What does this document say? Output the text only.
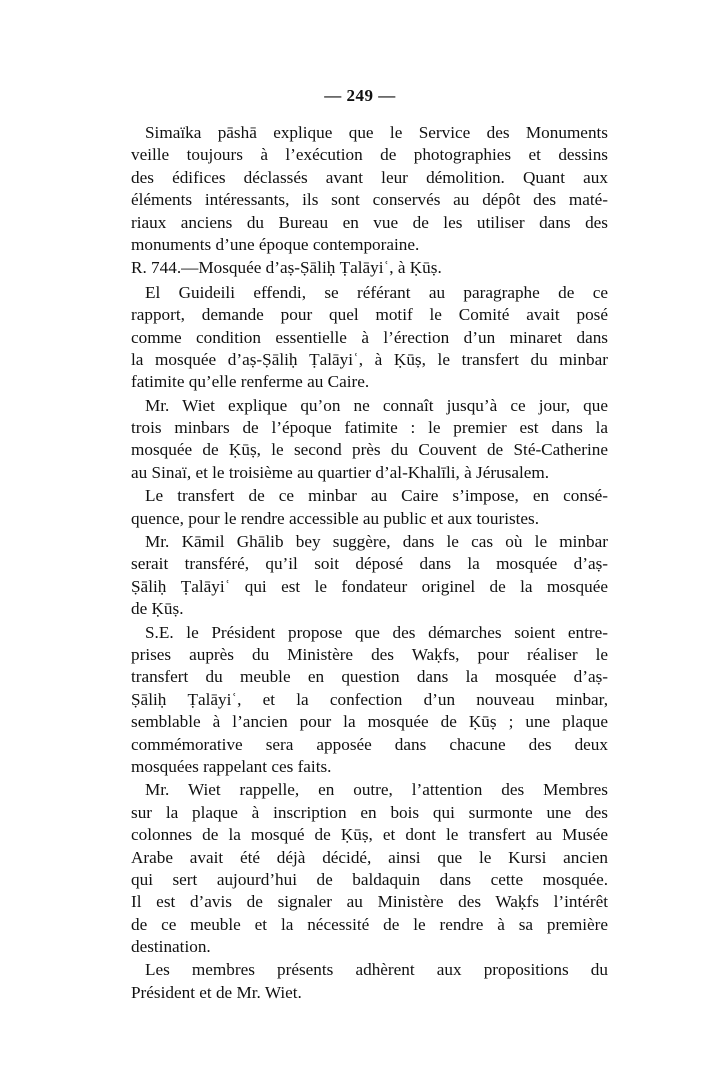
— 249 —
Simaïka pāshā explique que le Service des Monuments
veille toujours à l’exécution de photographies et dessins
des édifices déclassés avant leur démolition. Quant aux
éléments intéressants, ils sont conservés au dépôt des maté-
riaux anciens du Bureau en vue de les utiliser dans des
monuments d’une époque contemporaine.
R. 744.—Mosquée d’aṣ-Ṣāliḥ Ṭalāyiʿ, à Ḳūṣ.
El Guideili effendi, se référant au paragraphe de ce
rapport, demande pour quel motif le Comité avait posé
comme condition essentielle à l’érection d’un minaret dans
la mosquée d’aṣ-Ṣāliḥ Ṭalāyiʿ, à Ḳūṣ, le transfert du minbar
fatimite qu’elle renferme au Caire.
Mr. Wiet explique qu’on ne connaît jusqu’à ce jour, que
trois minbars de l’époque fatimite : le premier est dans la
mosquée de Ḳūṣ, le second près du Couvent de Sté-Catherine
au Sinaï, et le troisième au quartier d’al-Khalīli, à Jérusalem.
Le transfert de ce minbar au Caire s’impose, en consé-
quence, pour le rendre accessible au public et aux touristes.
Mr. Kāmil Ghālib bey suggère, dans le cas où le minbar
serait transféré, qu’il soit déposé dans la mosquée d’aṣ-
Ṣāliḥ Ṭalāyiʿ qui est le fondateur originel de la mosquée
de Ḳūṣ.
S.E. le Président propose que des démarches soient entre-
prises auprès du Ministère des Waḳfs, pour réaliser le
transfert du meuble en question dans la mosquée d’aṣ-
Ṣāliḥ Ṭalāyiʿ, et la confection d’un nouveau minbar,
semblable à l’ancien pour la mosquée de Ḳūṣ ; une plaque
commémorative sera apposée dans chacune des deux
mosquées rappelant ces faits.
Mr. Wiet rappelle, en outre, l’attention des Membres
sur la plaque à inscription en bois qui surmonte une des
colonnes de la mosqué de Ḳūṣ, et dont le transfert au Musée
Arabe avait été déjà décidé, ainsi que le Kursi ancien
qui sert aujourd’hui de baldaquin dans cette mosquée.
Il est d’avis de signaler au Ministère des Waḳfs l’intérêt
de ce meuble et la nécessité de le rendre à sa première
destination.
Les membres présents adhèrent aux propositions du
Président et de Mr. Wiet.
